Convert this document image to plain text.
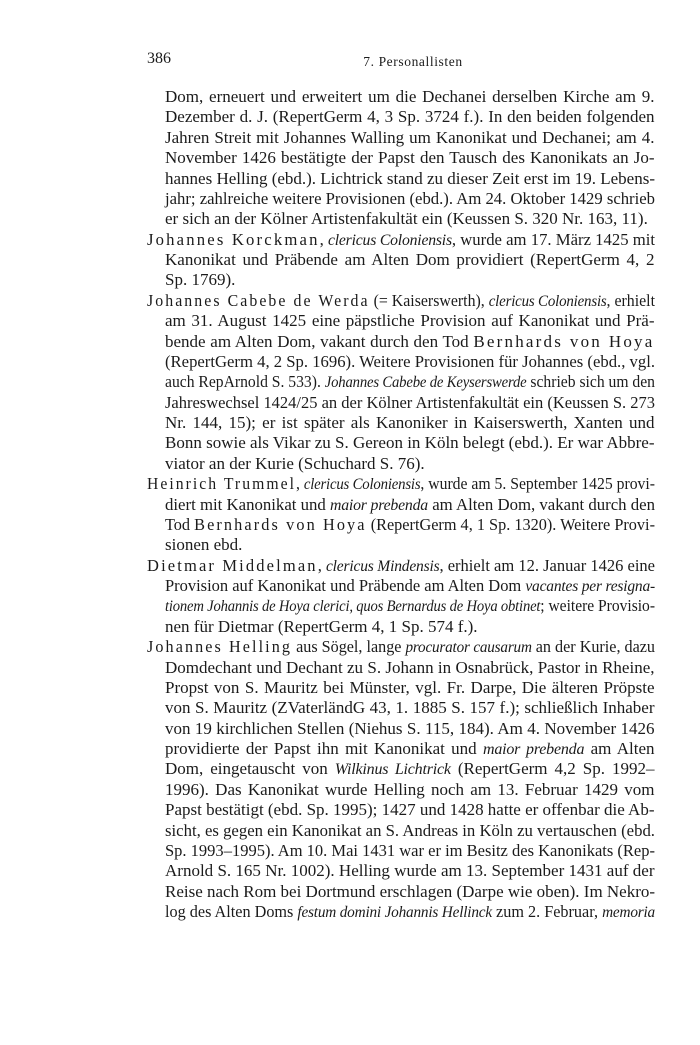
386	7. Personallisten
Dom, erneuert und erweitert um die Dechanei derselben Kirche am 9.
Dezember d. J. (RepertGerm 4, 3 Sp. 3724 f.). In den beiden folgenden
Jahren Streit mit Johannes Walling um Kanonikat und Dechanei; am 4.
November 1426 bestätigte der Papst den Tausch des Kanonikats an Jo-
hannes Helling (ebd.). Lichtrick stand zu dieser Zeit erst im 19. Lebens-
jahr; zahlreiche weitere Provisionen (ebd.). Am 24. Oktober 1429 schrieb
er sich an der Kölner Artistenfakultät ein (Keussen S. 320 Nr. 163, 11).
Johannes Korckman, clericus Coloniensis, wurde am 17. März 1425 mit
Kanonikat und Präbende am Alten Dom providiert (RepertGerm 4, 2
Sp. 1769).
Johannes Cabebe de Werda (= Kaiserswerth), clericus Coloniensis, erhielt
am 31. August 1425 eine päpstliche Provision auf Kanonikat und Prä-
bende am Alten Dom, vakant durch den Tod Bernhards von Hoya
(RepertGerm 4, 2 Sp. 1696). Weitere Provisionen für Johannes (ebd., vgl.
auch RepArnold S. 533). Johannes Cabebe de Keyserswerde schrieb sich um den
Jahreswechsel 1424/25 an der Kölner Artistenfakultät ein (Keussen S. 273
Nr. 144, 15); er ist später als Kanoniker in Kaiserswerth, Xanten und
Bonn sowie als Vikar zu S. Gereon in Köln belegt (ebd.). Er war Abbre-
viator an der Kurie (Schuchard S. 76).
Heinrich Trummel, clericus Coloniensis, wurde am 5. September 1425 provi-
diert mit Kanonikat und maior prebenda am Alten Dom, vakant durch den
Tod Bernhards von Hoya (RepertGerm 4, 1 Sp. 1320). Weitere Provi-
sionen ebd.
Dietmar Middelman, clericus Mindensis, erhielt am 12. Januar 1426 eine
Provision auf Kanonikat und Präbende am Alten Dom vacantes per resigna-
tionem Johannis de Hoya clerici, quos Bernardus de Hoya obtinet; weitere Provisio-
nen für Dietmar (RepertGerm 4, 1 Sp. 574 f.).
Johannes Helling aus Sögel, lange procurator causarum an der Kurie, dazu
Domdechant und Dechant zu S. Johann in Osnabrück, Pastor in Rheine,
Propst von S. Mauritz bei Münster, vgl. Fr. Darpe, Die älteren Pröpste
von S. Mauritz (ZVaterländG 43, 1. 1885 S. 157 f.); schließlich Inhaber
von 19 kirchlichen Stellen (Niehus S. 115, 184). Am 4. November 1426
providierte der Papst ihn mit Kanonikat und maior prebenda am Alten
Dom, eingetauscht von Wilkinus Lichtrick (RepertGerm 4,2 Sp. 1992–
1996). Das Kanonikat wurde Helling noch am 13. Februar 1429 vom
Papst bestätigt (ebd. Sp. 1995); 1427 und 1428 hatte er offenbar die Ab-
sicht, es gegen ein Kanonikat an S. Andreas in Köln zu vertauschen (ebd.
Sp. 1993–1995). Am 10. Mai 1431 war er im Besitz des Kanonikats (Rep-
Arnold S. 165 Nr. 1002). Helling wurde am 13. September 1431 auf der
Reise nach Rom bei Dortmund erschlagen (Darpe wie oben). Im Nekro-
log des Alten Doms festum domini Johannis Hellinck zum 2. Februar, memoria
